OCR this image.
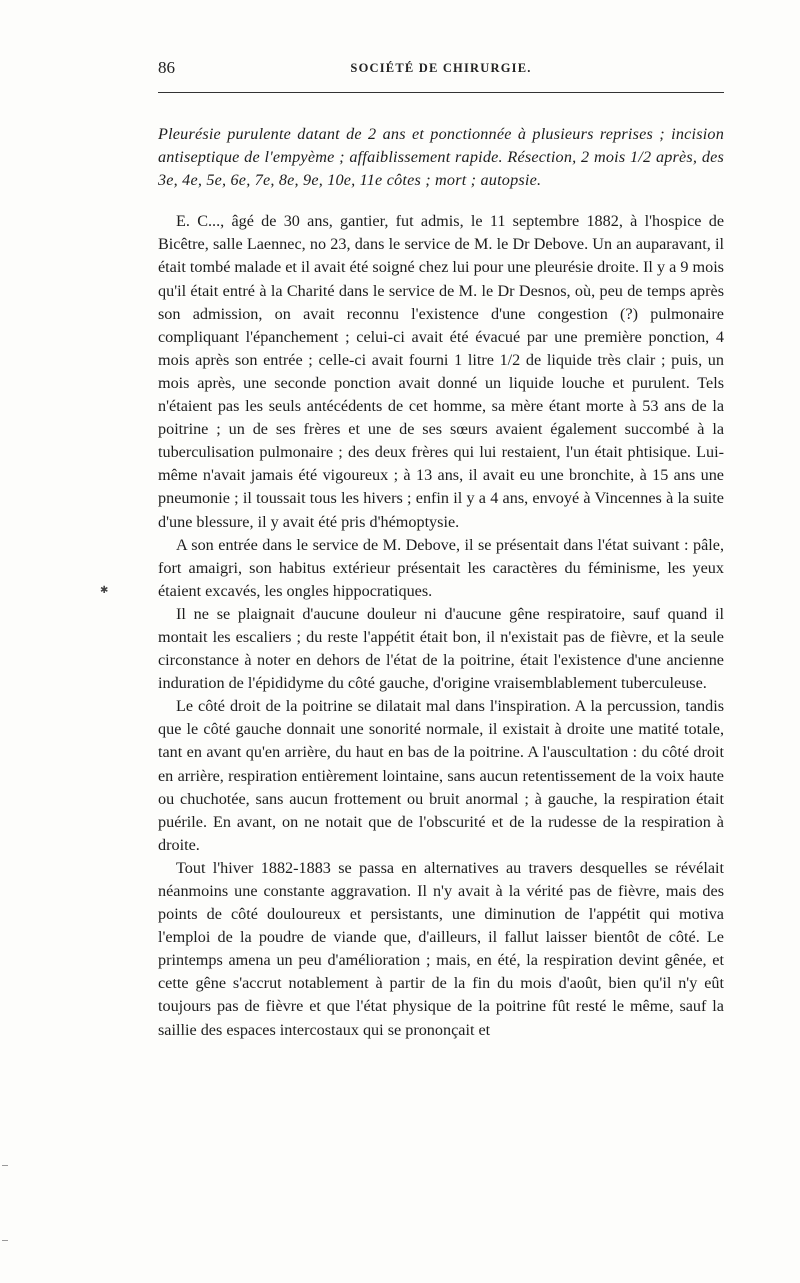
86	SOCIÉTÉ DE CHIRURGIE.

Pleurésie purulente datant de 2 ans et ponctionnée à plusieurs reprises ; incision antiseptique de l'empyème ; affaiblissement rapide. Résection, 2 mois 1/2 après, des 3e, 4e, 5e, 6e, 7e, 8e, 9e, 10e, 11e côtes ; mort ; autopsie.

E. C..., âgé de 30 ans, gantier, fut admis, le 11 septembre 1882, à l'hospice de Bicêtre, salle Laennec, no 23, dans le service de M. le Dr Debove. Un an auparavant, il était tombé malade et il avait été soigné chez lui pour une pleurésie droite. Il y a 9 mois qu'il était entré à la Charité dans le service de M. le Dr Desnos, où, peu de temps après son admission, on avait reconnu l'existence d'une congestion (?) pulmonaire compliquant l'épanchement ; celui-ci avait été évacué par une première ponction, 4 mois après son entrée ; celle-ci avait fourni 1 litre 1/2 de liquide très clair ; puis, un mois après, une seconde ponction avait donné un liquide louche et purulent. Tels n'étaient pas les seuls antécédents de cet homme, sa mère étant morte à 53 ans de la poitrine ; un de ses frères et une de ses sœurs avaient également succombé à la tuberculisation pulmonaire ; des deux frères qui lui restaient, l'un était phtisique. Lui-même n'avait jamais été vigoureux ; à 13 ans, il avait eu une bronchite, à 15 ans une pneumonie ; il toussait tous les hivers ; enfin il y a 4 ans, envoyé à Vincennes à la suite d'une blessure, il y avait été pris d'hémoptysie.

A son entrée dans le service de M. Debove, il se présentait dans l'état suivant : pâle, fort amaigri, son habitus extérieur présentait les caractères du féminisme, les yeux étaient excavés, les ongles hippocratiques.

Il ne se plaignait d'aucune douleur ni d'aucune gêne respiratoire, sauf quand il montait les escaliers ; du reste l'appétit était bon, il n'existait pas de fièvre, et la seule circonstance à noter en dehors de l'état de la poitrine, était l'existence d'une ancienne induration de l'épididyme du côté gauche, d'origine vraisemblablement tuberculeuse.

Le côté droit de la poitrine se dilatait mal dans l'inspiration. A la percussion, tandis que le côté gauche donnait une sonorité normale, il existait à droite une matité totale, tant en avant qu'en arrière, du haut en bas de la poitrine. A l'auscultation : du côté droit en arrière, respiration entièrement lointaine, sans aucun retentissement de la voix haute ou chuchotée, sans aucun frottement ou bruit anormal ; à gauche, la respiration était puérile. En avant, on ne notait que de l'obscurité et de la rudesse de la respiration à droite.

Tout l'hiver 1882-1883 se passa en alternatives au travers desquelles se révélait néanmoins une constante aggravation. Il n'y avait à la vérité pas de fièvre, mais des points de côté douloureux et persistants, une diminution de l'appétit qui motiva l'emploi de la poudre de viande que, d'ailleurs, il fallut laisser bientôt de côté. Le printemps amena un peu d'amélioration ; mais, en été, la respiration devint gênée, et cette gêne s'accrut notablement à partir de la fin du mois d'août, bien qu'il n'y eût toujours pas de fièvre et que l'état physique de la poitrine fût resté le même, sauf la saillie des espaces intercostaux qui se prononçait et

✱
